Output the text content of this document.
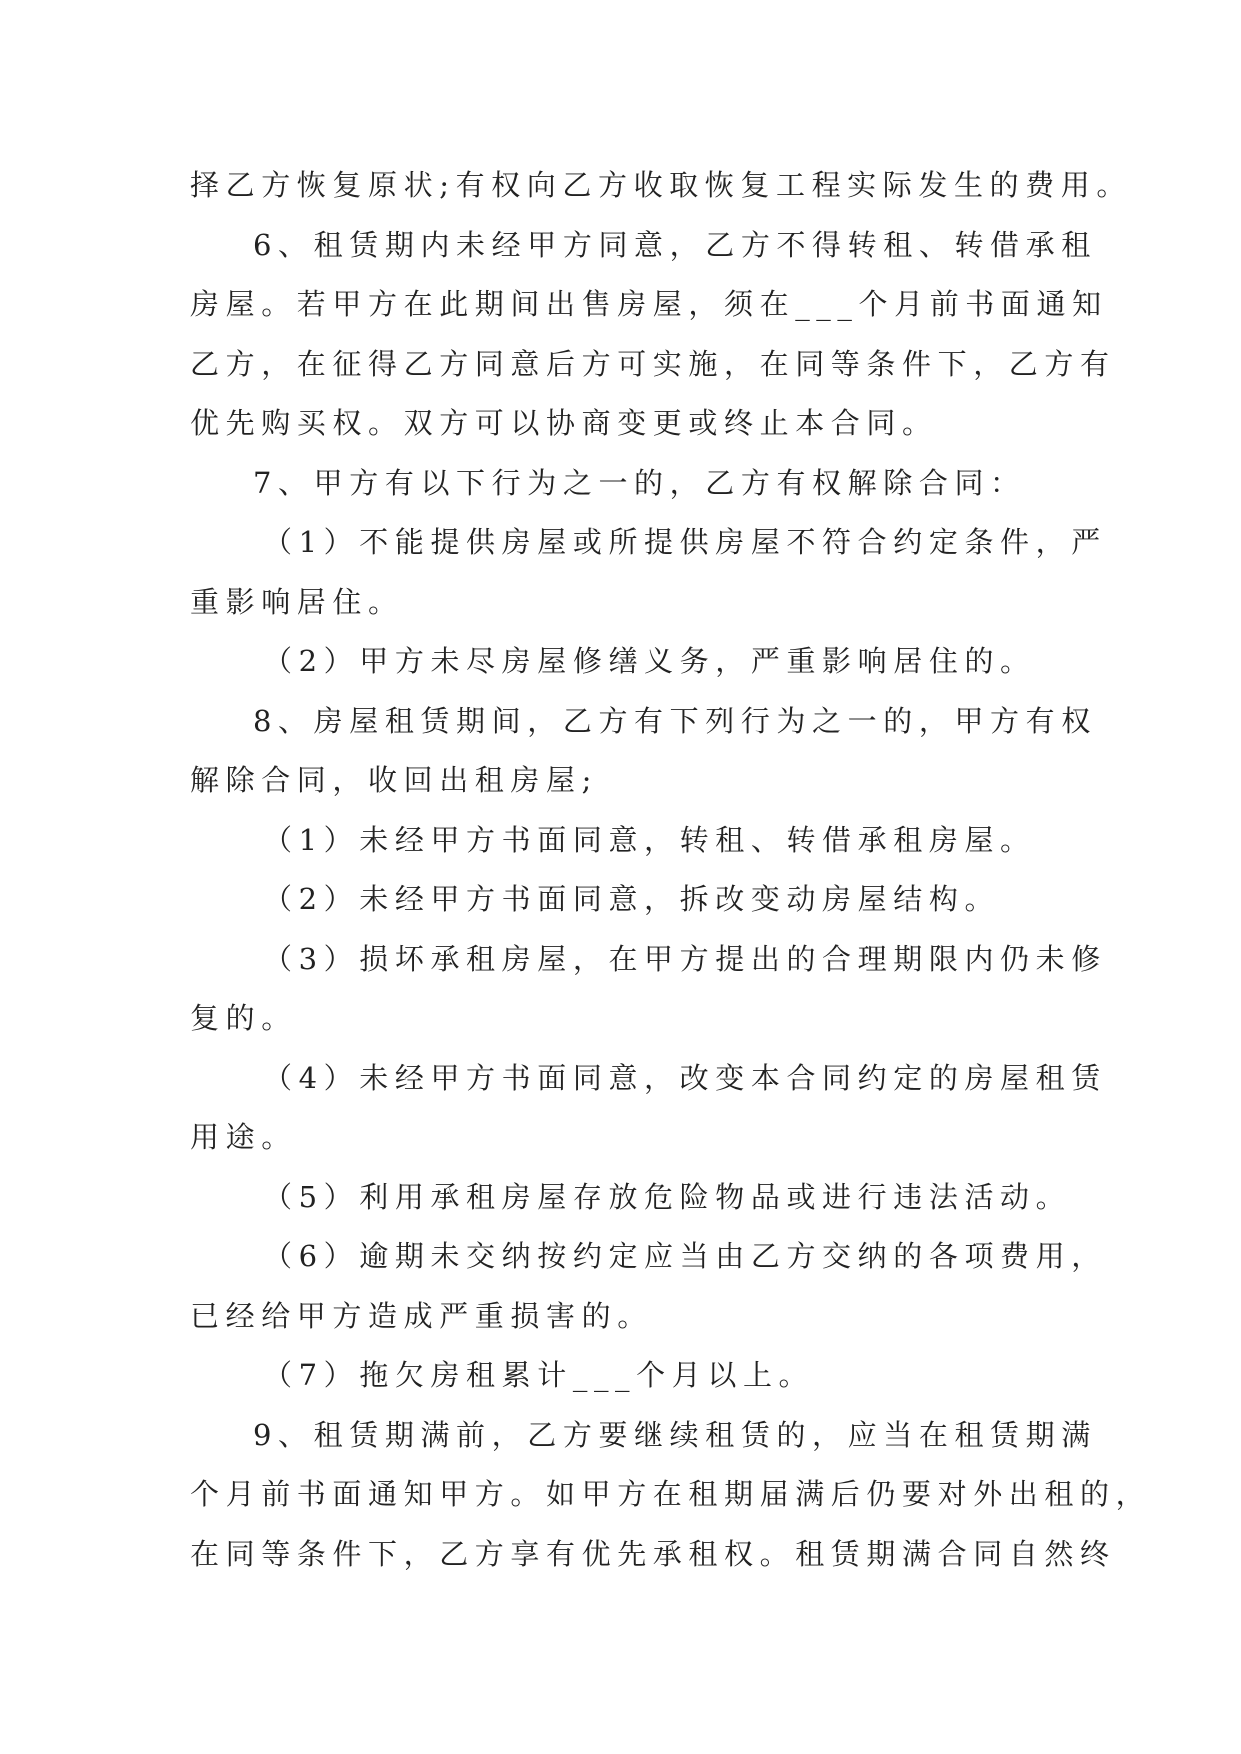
择乙方恢复原状;有权向乙方收取恢复工程实际发生的费用。
6、租赁期内未经甲方同意，乙方不得转租、转借承租
房屋。若甲方在此期间出售房屋，须在___个月前书面通知
乙方，在征得乙方同意后方可实施，在同等条件下，乙方有
优先购买权。双方可以协商变更或终止本合同。
7、甲方有以下行为之一的，乙方有权解除合同：
（1）不能提供房屋或所提供房屋不符合约定条件，严
重影响居住。
（2）甲方未尽房屋修缮义务，严重影响居住的。
8、房屋租赁期间，乙方有下列行为之一的，甲方有权
解除合同，收回出租房屋;
（1）未经甲方书面同意，转租、转借承租房屋。
（2）未经甲方书面同意，拆改变动房屋结构。
（3）损坏承租房屋，在甲方提出的合理期限内仍未修
复的。
（4）未经甲方书面同意，改变本合同约定的房屋租赁
用途。
（5）利用承租房屋存放危险物品或进行违法活动。
（6）逾期未交纳按约定应当由乙方交纳的各项费用，
已经给甲方造成严重损害的。
（7）拖欠房租累计___个月以上。
9、租赁期满前，乙方要继续租赁的，应当在租赁期满
个月前书面通知甲方。如甲方在租期届满后仍要对外出租的，
在同等条件下，乙方享有优先承租权。租赁期满合同自然终
